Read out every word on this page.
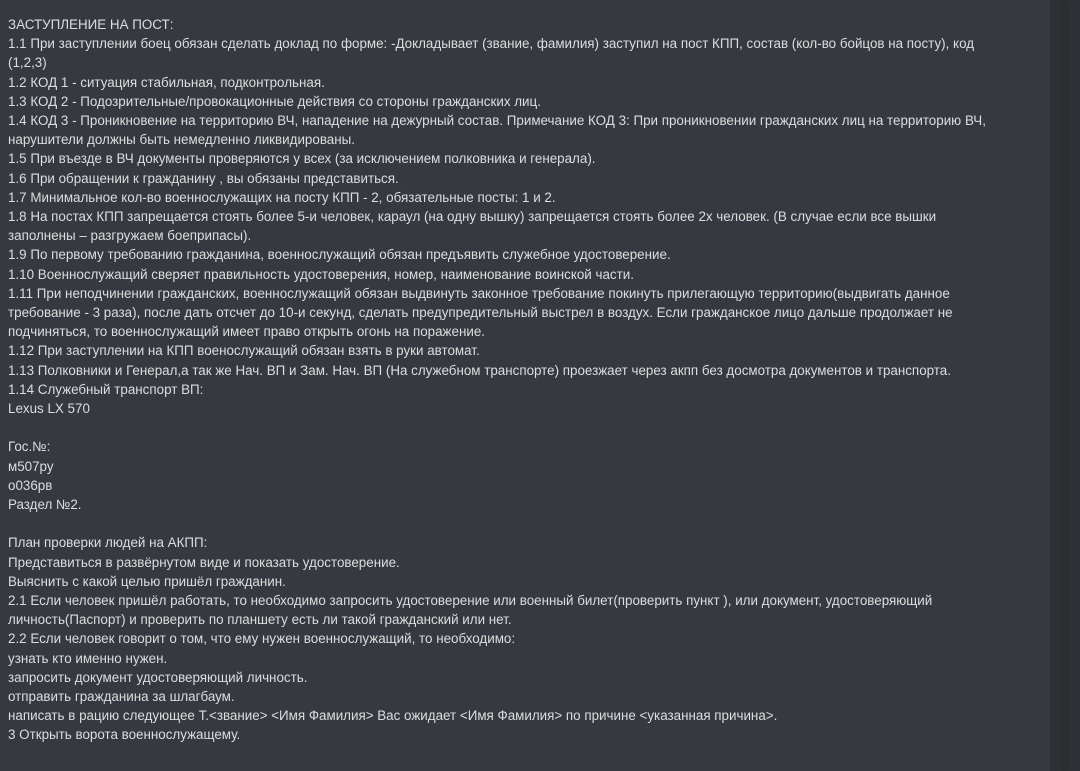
ЗАСТУПЛЕНИЕ НА ПОСТ:
1.1 При заступлении боец обязан сделать доклад по форме: -Докладывает (звание, фамилия) заступил на пост КПП, состав (кол-во бойцов на посту), код
(1,2,3)
1.2 КОД 1 - ситуация стабильная, подконтрольная.
1.3 КОД 2 - Подозрительные/провокационные действия со стороны гражданских лиц.
1.4 КОД 3 - Проникновение на территорию ВЧ, нападение на дежурный состав. Примечание КОД 3: При проникновении гражданских лиц на территорию ВЧ,
нарушители должны быть немедленно ликвидированы.
1.5 При въезде в ВЧ документы проверяются у всех (за исключением полковника и генерала).
1.6 При обращении к гражданину , вы обязаны представиться.
1.7 Минимальное кол-во военнослужащих на посту КПП - 2, обязательные посты: 1 и 2.
1.8 На постах КПП запрещается стоять более 5-и человек, караул (на одну вышку) запрещается стоять более 2х человек. (В случае если все вышки
заполнены – разгружаем боеприпасы).
1.9 По первому требованию гражданина, военнослужащий обязан предъявить служебное удостоверение.
1.10 Военнослужащий сверяет правильность удостоверения, номер, наименование воинской части.
1.11 При неподчинении гражданских, военнослужащий обязан выдвинуть законное требование покинуть прилегающую территорию(выдвигать данное
требование - 3 раза), после дать отсчет до 10-и секунд, сделать предупредительный выстрел в воздух. Если гражданское лицо дальше продолжает не
подчиняться, то военнослужащий имеет право открыть огонь на поражение.
1.12 При заступлении на КПП военослужащий обязан взять в руки автомат.
1.13 Полковники и Генерал,а так же Нач. ВП и Зам. Нач. ВП (На служебном транспорте) проезжает через акпп без досмотра документов и транспорта.
1.14 Служебный транспорт ВП:
Lexus LX 570
Гос.№:
м507ру
о036рв
Раздел №2.
План проверки людей на АКПП:
Представиться в развёрнутом виде и показать удостоверение.
Выяснить с какой целью пришёл гражданин.
2.1 Если человек пришёл работать, то необходимо запросить удостоверение или военный билет(проверить пункт ), или документ, удостоверяющий
личность(Паспорт) и проверить по планшету есть ли такой гражданский или нет.
2.2 Если человек говорит о том, что ему нужен военнослужащий, то необходимо:
узнать кто именно нужен.
запросить документ удостоверяющий личность.
отправить гражданина за шлагбаум.
написать в рацию следующее Т.<звание> <Имя Фамилия> Вас ожидает <Имя Фамилия> по причине <указанная причина>.
3 Открыть ворота военнослужащему.
